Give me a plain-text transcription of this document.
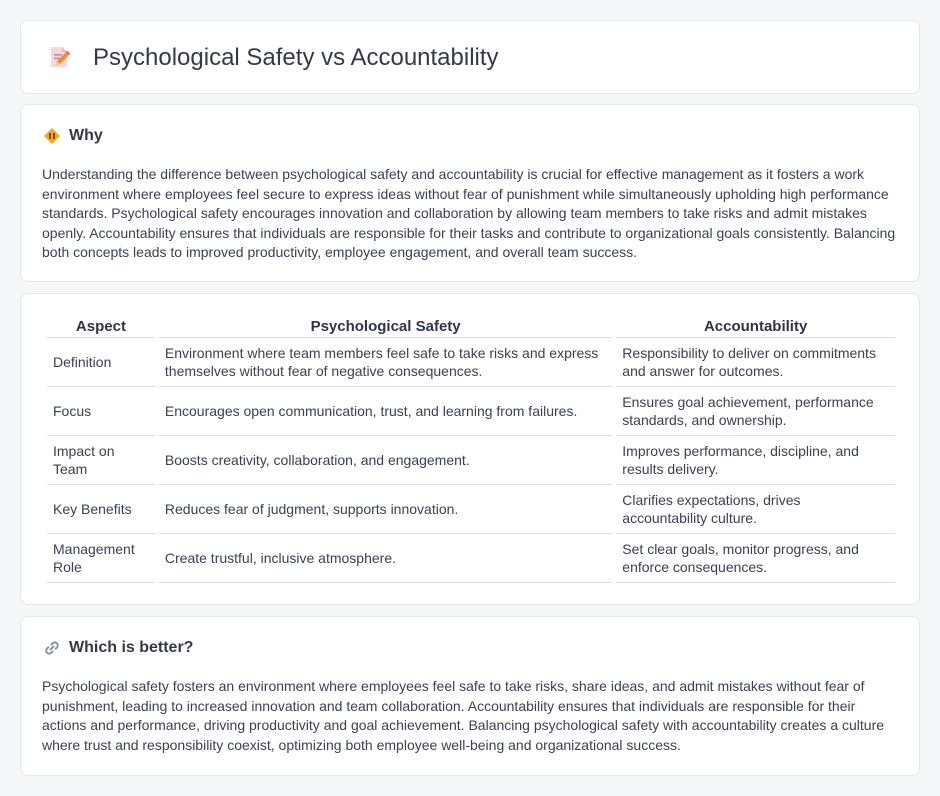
Psychological Safety vs Accountability
Why

Understanding the difference between psychological safety and accountability is crucial for effective management as it fosters a work environment where employees feel secure to express ideas without fear of punishment while simultaneously upholding high performance standards. Psychological safety encourages innovation and collaboration by allowing team members to take risks and admit mistakes openly. Accountability ensures that individuals are responsible for their tasks and contribute to organizational goals consistently. Balancing both concepts leads to improved productivity, employee engagement, and overall team success.

Aspect	Psychological Safety	Accountability
Definition	Environment where team members feel safe to take risks and express themselves without fear of negative consequences.	Responsibility to deliver on commitments and answer for outcomes.
Focus	Encourages open communication, trust, and learning from failures.	Ensures goal achievement, performance standards, and ownership.
Impact on Team	Boosts creativity, collaboration, and engagement.	Improves performance, discipline, and results delivery.
Key Benefits	Reduces fear of judgment, supports innovation.	Clarifies expectations, drives accountability culture.
Management Role	Create trustful, inclusive atmosphere.	Set clear goals, monitor progress, and enforce consequences.
Which is better?

Psychological safety fosters an environment where employees feel safe to take risks, share ideas, and admit mistakes without fear of punishment, leading to increased innovation and team collaboration. Accountability ensures that individuals are responsible for their actions and performance, driving productivity and goal achievement. Balancing psychological safety with accountability creates a culture where trust and responsibility coexist, optimizing both employee well-being and organizational success.
